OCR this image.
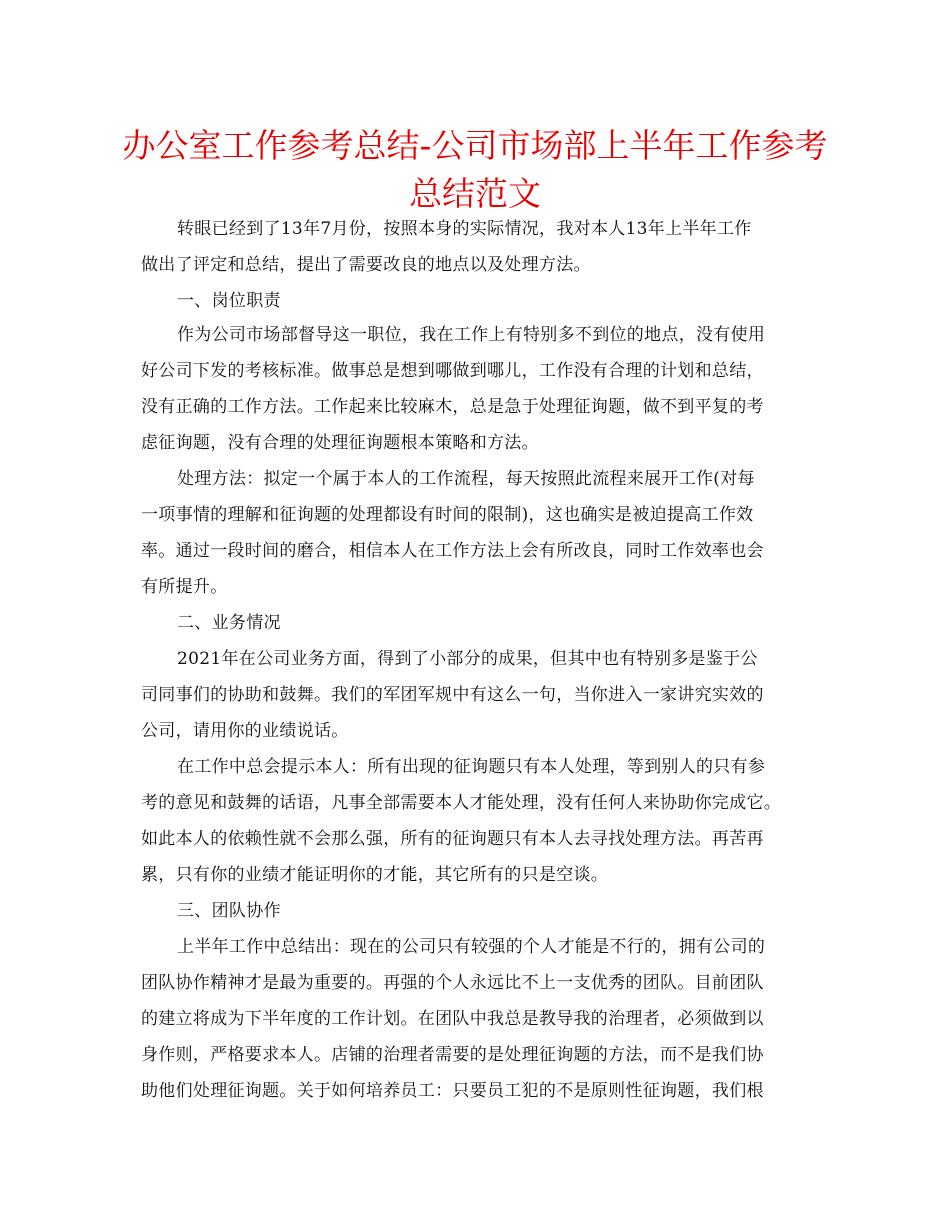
办公室工作参考总结-公司市场部上半年工作参考
总结范文
转眼已经到了13年7月份，按照本身的实际情况，我对本人13年上半年工作
做出了评定和总结，提出了需要改良的地点以及处理方法。
一、岗位职责
作为公司市场部督导这一职位，我在工作上有特别多不到位的地点，没有使用
好公司下发的考核标准。做事总是想到哪做到哪儿，工作没有合理的计划和总结，
没有正确的工作方法。工作起来比较麻木，总是急于处理征询题，做不到平复的考
虑征询题，没有合理的处理征询题根本策略和方法。
处理方法：拟定一个属于本人的工作流程，每天按照此流程来展开工作(对每
一项事情的理解和征询题的处理都设有时间的限制)，这也确实是被迫提高工作效
率。通过一段时间的磨合，相信本人在工作方法上会有所改良，同时工作效率也会
有所提升。
二、业务情况
2021年在公司业务方面，得到了小部分的成果，但其中也有特别多是鉴于公
司同事们的协助和鼓舞。我们的军团军规中有这么一句，当你进入一家讲究实效的
公司，请用你的业绩说话。
在工作中总会提示本人：所有出现的征询题只有本人处理，等到别人的只有参
考的意见和鼓舞的话语，凡事全部需要本人才能处理，没有任何人来协助你完成它。
如此本人的依赖性就不会那么强，所有的征询题只有本人去寻找处理方法。再苦再
累，只有你的业绩才能证明你的才能，其它所有的只是空谈。
三、团队协作
上半年工作中总结出：现在的公司只有较强的个人才能是不行的，拥有公司的
团队协作精神才是最为重要的。再强的个人永远比不上一支优秀的团队。目前团队
的建立将成为下半年度的工作计划。在团队中我总是教导我的治理者，必须做到以
身作则，严格要求本人。店铺的治理者需要的是处理征询题的方法，而不是我们协
助他们处理征询题。关于如何培养员工：只要员工犯的不是原则性征询题，我们根
